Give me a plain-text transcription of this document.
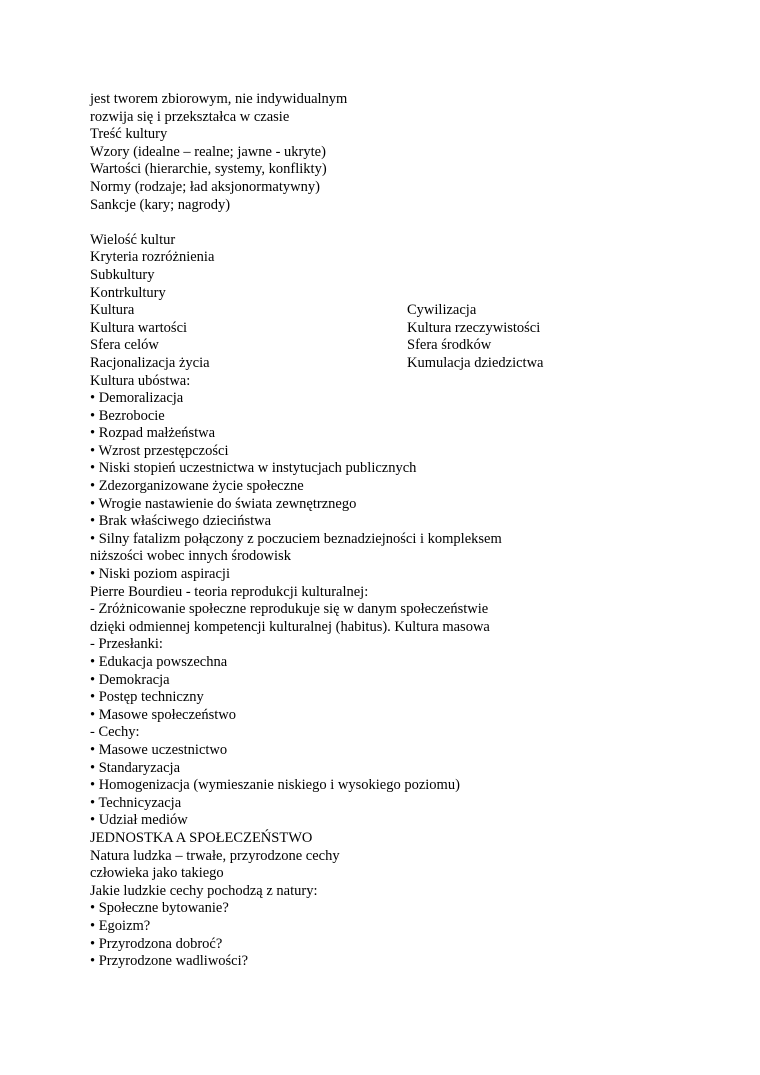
jest tworem zbiorowym, nie indywidualnym
rozwija się i przekształca w czasie
Treść kultury
Wzory (idealne – realne; jawne - ukryte)
Wartości (hierarchie, systemy, konflikty)
Normy (rodzaje; ład aksjonormatywny)
Sankcje (kary; nagrody)
Wielość kultur
Kryteria rozróżnienia
Subkultury
Kontrkultury
Kultura	Cywilizacja
Kultura wartości	Kultura rzeczywistości
Sfera celów	Sfera środków
Racjonalizacja życia	Kumulacja dziedzictwa
Kultura ubóstwa:
• Demoralizacja
• Bezrobocie
• Rozpad małżeństwa
• Wzrost przestępczości
• Niski stopień uczestnictwa w instytucjach publicznych
• Zdezorganizowane życie społeczne
• Wrogie nastawienie do świata zewnętrznego
• Brak właściwego dzieciństwa
• Silny fatalizm połączony z poczuciem beznadziejności i kompleksem
niższości wobec innych środowisk
• Niski poziom aspiracji
Pierre Bourdieu - teoria reprodukcji kulturalnej:
- Zróżnicowanie społeczne reprodukuje się w danym społeczeństwie
dzięki odmiennej kompetencji kulturalnej (habitus). Kultura masowa
- Przesłanki:
• Edukacja powszechna
• Demokracja
• Postęp techniczny
• Masowe społeczeństwo
- Cechy:
• Masowe uczestnictwo
• Standaryzacja
• Homogenizacja (wymieszanie niskiego i wysokiego poziomu)
• Technicyzacja
• Udział mediów
JEDNOSTKA A SPOŁECZEŃSTWO
Natura ludzka – trwałe, przyrodzone cechy
człowieka jako takiego
Jakie ludzkie cechy pochodzą z natury:
• Społeczne bytowanie?
• Egoizm?
• Przyrodzona dobroć?
• Przyrodzone wadliwości?
